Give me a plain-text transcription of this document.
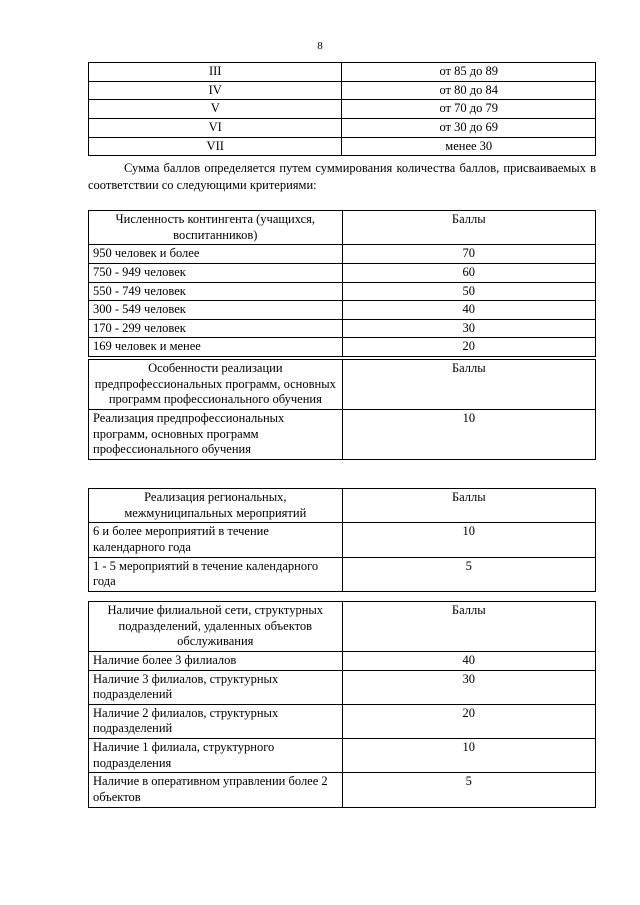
8
III	от 85 до 89
IV	от 80 до 84
V	от 70 до 79
VI	от 30 до 69
VII	менее 30
Сумма баллов определяется путем суммирования количества баллов, присваиваемых в соответствии со следующими критериями:
Численность контингента (учащихся, воспитанников)	Баллы
950 человек и более	70
750 - 949 человек	60
550 - 749 человек	50
300 - 549 человек	40
170 - 299 человек	30
169 человек и менее	20
Особенности реализации предпрофессиональных программ, основных программ профессионального обучения	Баллы
Реализация предпрофессиональных программ, основных программ профессионального обучения	10
Реализация региональных, межмуниципальных мероприятий	Баллы
6 и более мероприятий в течение календарного года	10
1 - 5 мероприятий в течение календарного года	5
Наличие филиальной сети, структурных подразделений, удаленных объектов обслуживания	Баллы
Наличие более 3 филиалов	40
Наличие 3 филиалов, структурных подразделений	30
Наличие 2 филиалов, структурных подразделений	20
Наличие 1 филиала, структурного подразделения	10
Наличие в оперативном управлении более 2 объектов	5
